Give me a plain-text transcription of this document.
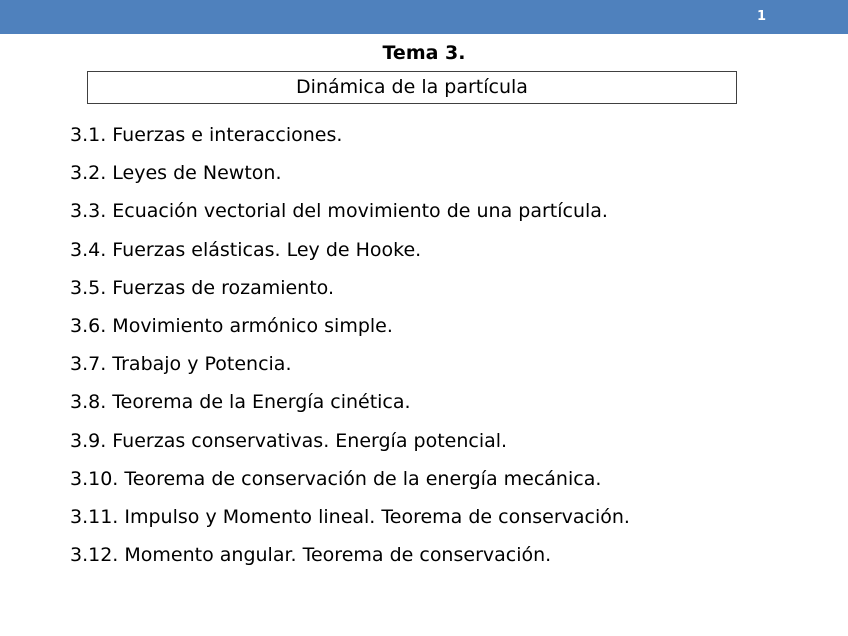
1
Tema 3.
Dinámica de la partícula
3.1. Fuerzas e interacciones.
3.2. Leyes de Newton.
3.3. Ecuación vectorial del movimiento de una partícula.
3.4. Fuerzas elásticas. Ley de Hooke.
3.5. Fuerzas de rozamiento.
3.6. Movimiento armónico simple.
3.7. Trabajo y Potencia.
3.8. Teorema de la Energía cinética.
3.9. Fuerzas conservativas. Energía potencial.
3.10. Teorema de conservación de la energía mecánica.
3.11. Impulso y Momento lineal. Teorema de conservación.
3.12. Momento angular. Teorema de conservación.
